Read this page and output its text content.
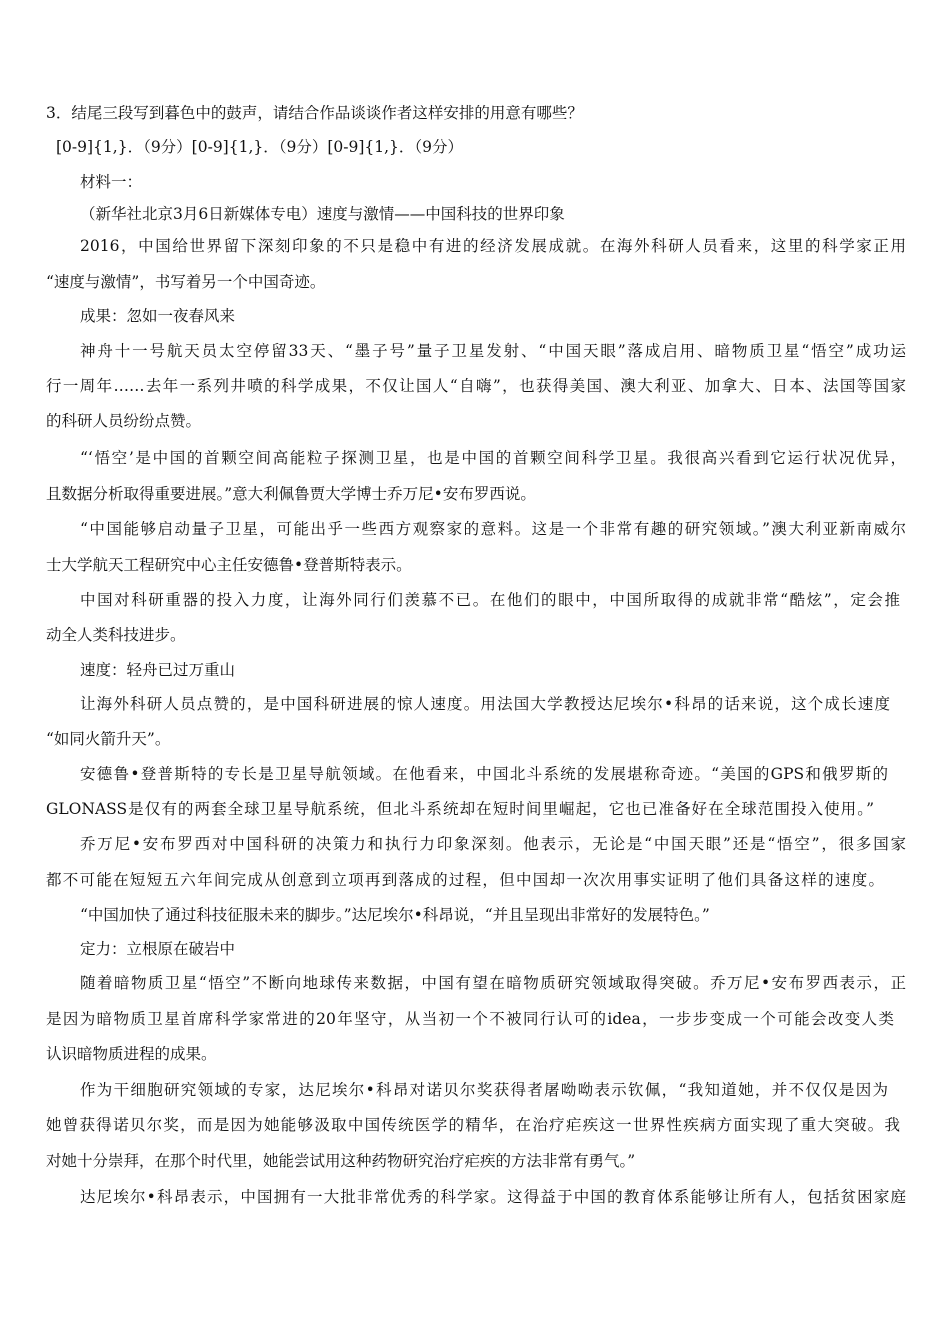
3．结尾三段写到暮色中的鼓声，请结合作品谈谈作者这样安排的用意有哪些？
[0-9]{1,}．（9分）[0-9]{1,}．（9分）[0-9]{1,}．（9分）
材料一：
（新华社北京3月6日新媒体专电）速度与激情——中国科技的世界印象
2016，中国给世界留下深刻印象的不只是稳中有进的经济发展成就。在海外科研人员看来，这里的科学家正用
“速度与激情”，书写着另一个中国奇迹。
成果：忽如一夜春风来
神舟十一号航天员太空停留33天、“墨子号”量子卫星发射、“中国天眼”落成启用、暗物质卫星“悟空”成功运
行一周年……去年一系列井喷的科学成果，不仅让国人“自嗨”，也获得美国、澳大利亚、加拿大、日本、法国等国家
的科研人员纷纷点赞。
“‘悟空’是中国的首颗空间高能粒子探测卫星，也是中国的首颗空间科学卫星。我很高兴看到它运行状况优异，
且数据分析取得重要进展。”意大利佩鲁贾大学博士乔万尼•安布罗西说。
“中国能够启动量子卫星，可能出乎一些西方观察家的意料。这是一个非常有趣的研究领域。”澳大利亚新南威尔
士大学航天工程研究中心主任安德鲁•登普斯特表示。
中国对科研重器的投入力度，让海外同行们羡慕不已。在他们的眼中，中国所取得的成就非常“酷炫”，定会推
动全人类科技进步。
速度：轻舟已过万重山
让海外科研人员点赞的，是中国科研进展的惊人速度。用法国大学教授达尼埃尔•科昂的话来说，这个成长速度
“如同火箭升天”。
安德鲁•登普斯特的专长是卫星导航领域。在他看来，中国北斗系统的发展堪称奇迹。“美国的GPS和俄罗斯的
GLONASS是仅有的两套全球卫星导航系统，但北斗系统却在短时间里崛起，它也已准备好在全球范围投入使用。”
乔万尼•安布罗西对中国科研的决策力和执行力印象深刻。他表示，无论是“中国天眼”还是“悟空”，很多国家
都不可能在短短五六年间完成从创意到立项再到落成的过程，但中国却一次次用事实证明了他们具备这样的速度。
“中国加快了通过科技征服未来的脚步。”达尼埃尔•科昂说，“并且呈现出非常好的发展特色。”
定力：立根原在破岩中
随着暗物质卫星“悟空”不断向地球传来数据，中国有望在暗物质研究领域取得突破。乔万尼•安布罗西表示，正
是因为暗物质卫星首席科学家常进的20年坚守，从当初一个不被同行认可的idea，一步步变成一个可能会改变人类
认识暗物质进程的成果。
作为干细胞研究领域的专家，达尼埃尔•科昂对诺贝尔奖获得者屠呦呦表示钦佩，“我知道她，并不仅仅是因为
她曾获得诺贝尔奖，而是因为她能够汲取中国传统医学的精华，在治疗疟疾这一世界性疾病方面实现了重大突破。我
对她十分崇拜，在那个时代里，她能尝试用这种药物研究治疗疟疾的方法非常有勇气。”
达尼埃尔•科昂表示，中国拥有一大批非常优秀的科学家。这得益于中国的教育体系能够让所有人，包括贫困家庭
